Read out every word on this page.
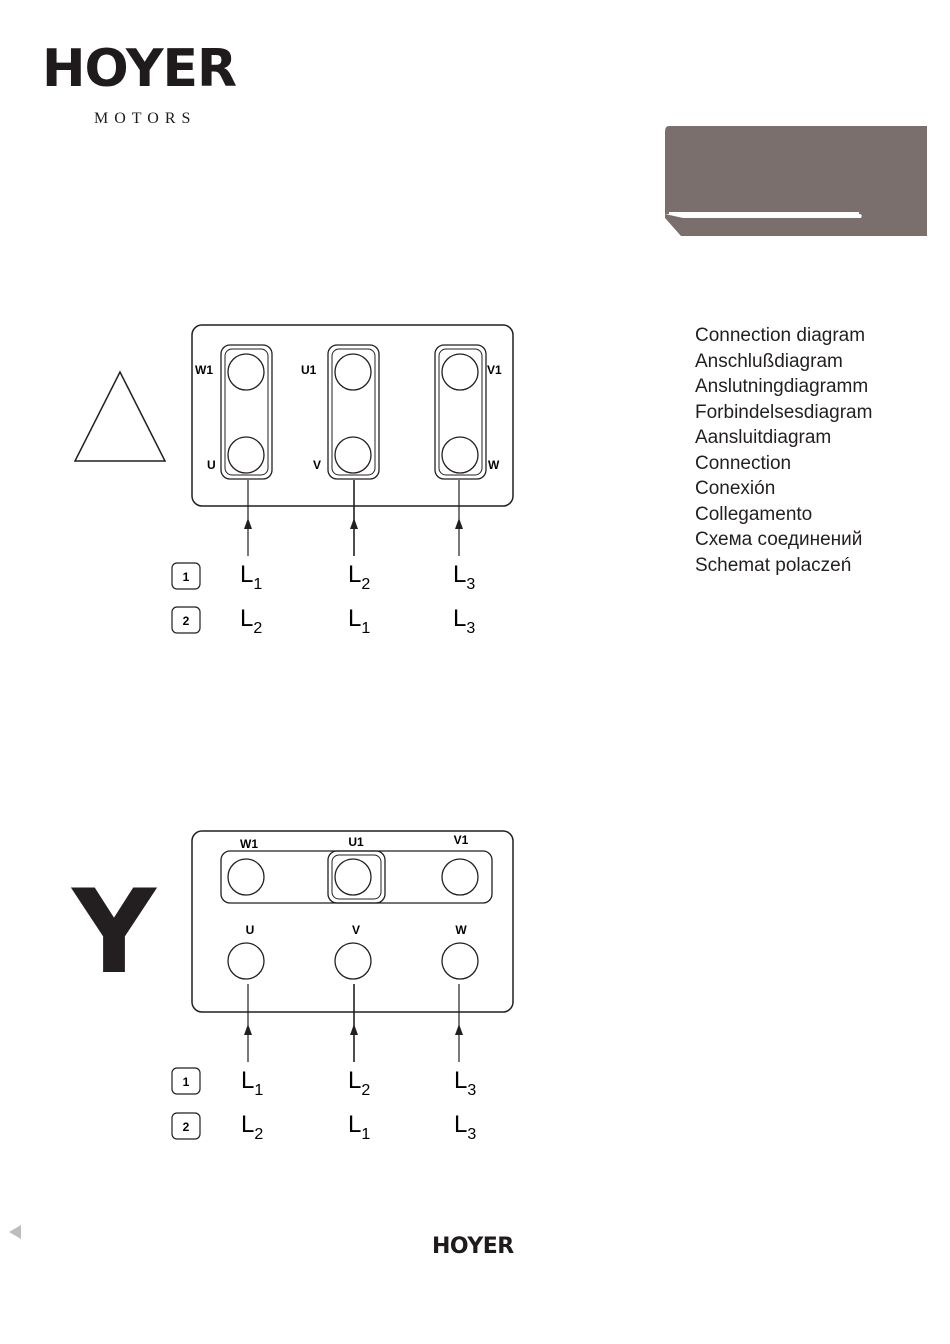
HOYER
MOTORS
Connection diagram
Anschlußdiagram
Anslutningdiagramm
Forbindelsesdiagram
Aansluitdiagram
Connection
Conexión
Collegamento
Схема соединений
Schemat polaczeń
W1	U1	V1
U	V	W
1 $L_1$	$L_2$	$L_3$
2 $L_2$	$L_1$	$L_3$
Y
W1	U1	V1
U	V	W
1 $L_1$	$L_2$	$L_3$
2 $L_2$	$L_1$	$L_3$
HOYER
